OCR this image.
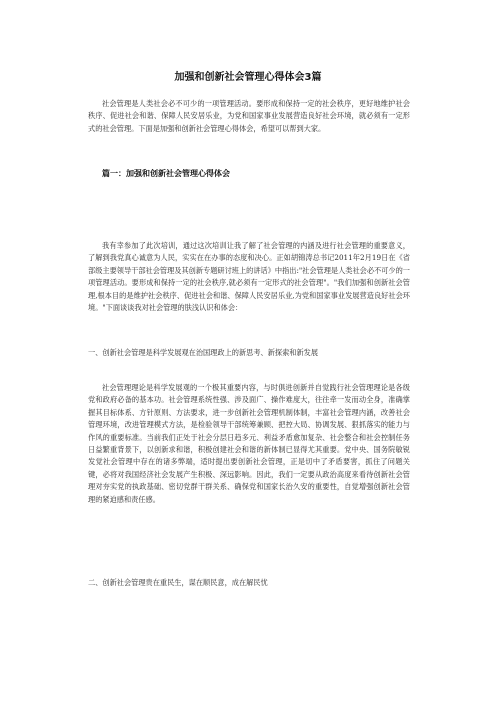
加强和创新社会管理心得体会3篇

社会管理是人类社会必不可少的一项管理活动。要形成和保持一定的社会秩序，更好地维护社会秩序、促进社会和谐、保障人民安居乐业，为党和国家事业发展营造良好社会环境，就必须有一定形式的社会管理。下面是加强和创新社会管理心得体会，希望可以帮到大家。

篇一：加强和创新社会管理心得体会

我有幸参加了此次培训，通过这次培训让我了解了社会管理的内涵及进行社会管理的重要意义，了解到我党真心诚意为人民，实实在在办事的态度和决心。正如胡锦涛总书记2011年2月19日在《省部级主要领导干部社会管理及其创新专题研讨班上的讲话》中指出:"社会管理是人类社会必不可少的一项管理活动。要形成和保持一定的社会秩序,就必须有一定形式的社会管理"。"我们加强和创新社会管理,根本目的是维护社会秩序、促进社会和谐、保障人民安居乐业,为党和国家事业发展营造良好社会环境。"下面谈谈我对社会管理的肤浅认识和体会：

一、创新社会管理是科学发展观在治国理政上的新思考、新探索和新发展

社会管理理论是科学发展观的一个极其重要内容，与时俱进创新并自觉践行社会管理理论是各级党和政府必备的基本功。社会管理系统性强、涉及面广、操作难度大，往往牵一发而动全身，准确掌握其目标体系、方针原则、方法要求，进一步创新社会管理机制体制，丰富社会管理内涵，改善社会管理环境，改进管理模式方法，是检验领导干部统筹兼顾、把控大局、协调发展、狠抓落实的能力与作风的重要标准。当前我们正处于社会分层日趋多元、利益矛盾愈加复杂、社会整合和社会控制任务日益繁重背景下，以创新求和谐，积极创建社会和谐的新体制已显得尤其重要。党中央、国务院敏锐发觉社会管理中存在的诸多弊端，适时提出要创新社会管理，正是切中了矛盾要害，抓住了问题关键，必将对我国经济社会发展产生积极、深远影响。因此，我们一定要从政治高度来看待创新社会管理对夯实党的执政基础、密切党群干群关系、确保党和国家长治久安的重要性，自觉增强创新社会管理的紧迫感和责任感。

二、创新社会管理贵在重民生，谋在顺民意，成在解民忧
